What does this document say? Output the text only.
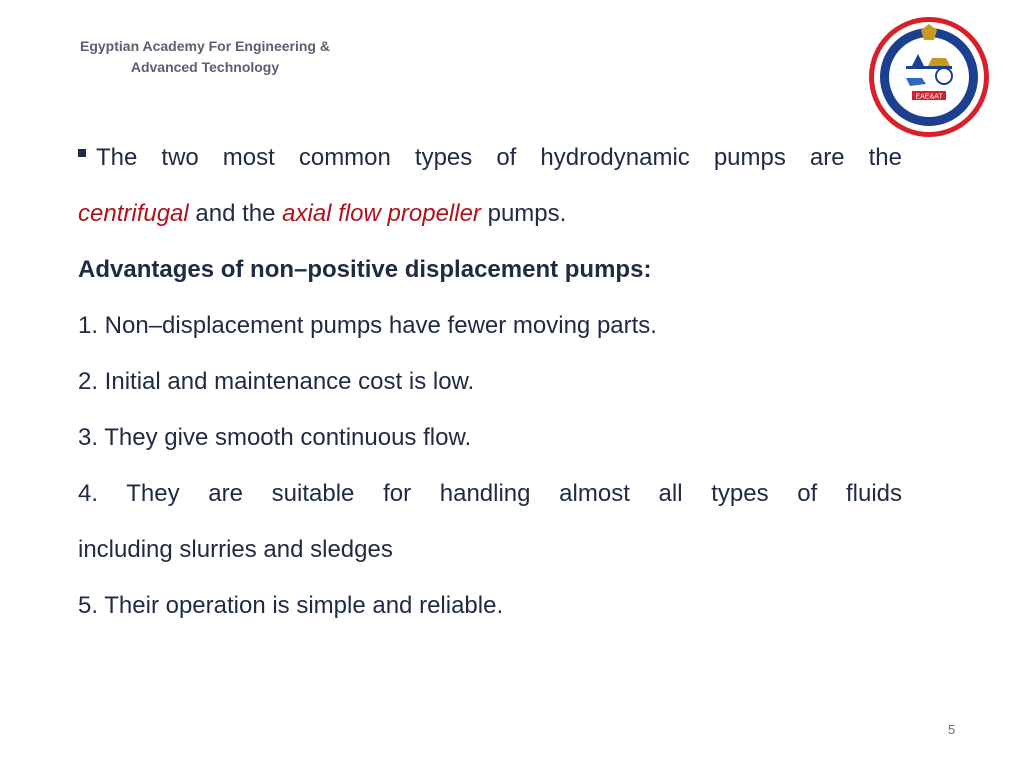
Egyptian Academy For Engineering &
Advanced Technology
EAE&AT
The two most common types of hydrodynamic pumps are the
centrifugal and the axial flow propeller pumps.
Advantages of non–positive displacement pumps:
1. Non–displacement pumps have fewer moving parts.
2. Initial and maintenance cost is low.
3. They give smooth continuous flow.
4. They are suitable for handling almost all types of fluids
including slurries and sledges
5. Their operation is simple and reliable.
5
